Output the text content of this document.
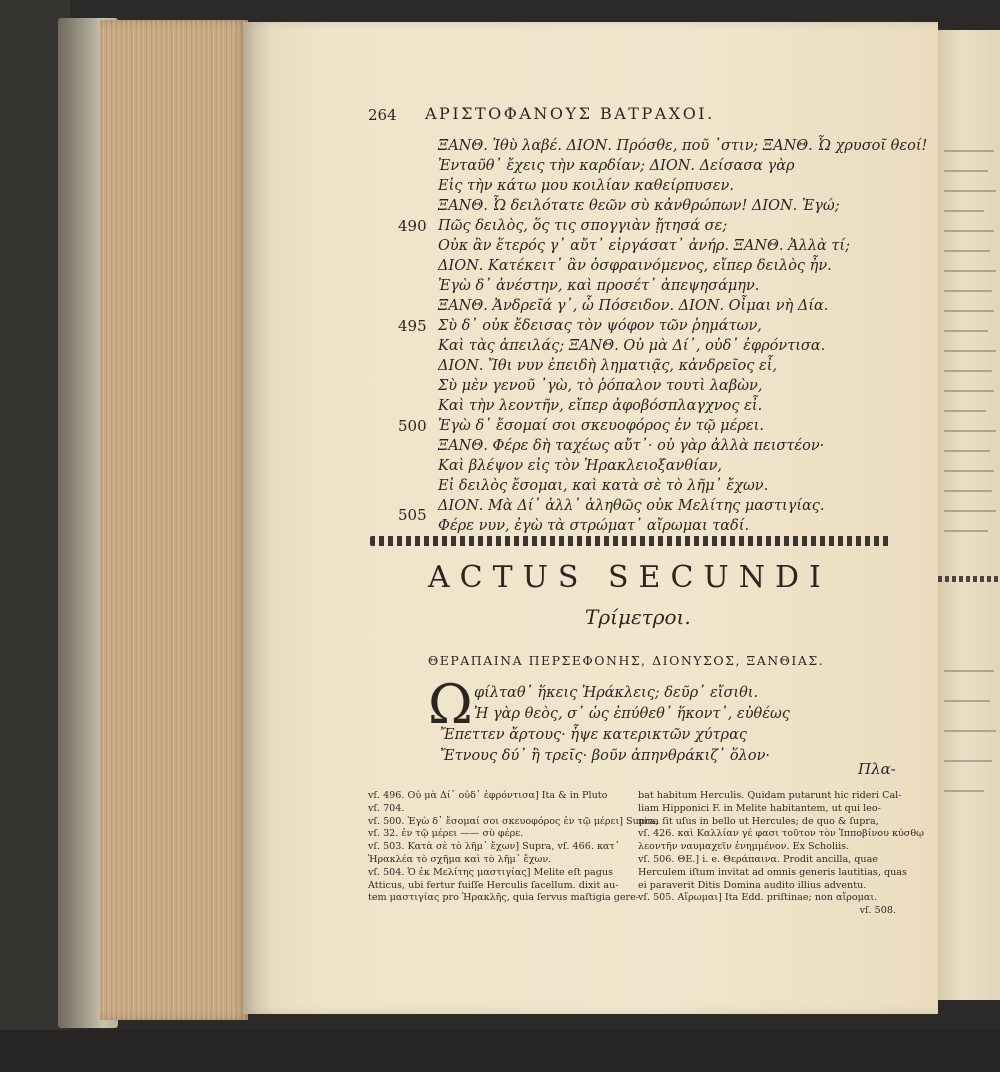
264 ΑΡΙΣΤΟΦΑΝΟΥΣ ΒΑΤΡΑΧΟΙ.
490
495
500
505
ΞΑΝΘ. Ἰθὺ λαβέ. ΔΙΟΝ. Πρόσθε, ποῦ ᾽στιν; ΞΑΝΘ. Ὦ χρυσοῖ θεοί!
Ἐνταῦθ᾽ ἔχεις τὴν καρδίαν; ΔΙΟΝ. Δείσασα γὰρ
Εἰς τὴν κάτω μου κοιλίαν καθείρπυσεν.
ΞΑΝΘ. Ὦ δειλότατε θεῶν σὺ κἀνθρώπων! ΔΙΟΝ. Ἐγώ;
Πῶς δειλὸς, ὅς τις σπογγιὰν ᾔτησά σε;
Οὐκ ἂν ἕτερός γ᾽ αὔτ᾽ εἰργάσατ᾽ ἀνήρ. ΞΑΝΘ. Ἀλλὰ τί;
ΔΙΟΝ. Κατέκειτ᾽ ἂν ὀσφραινόμενος, εἴπερ δειλὸς ἦν.
Ἐγὼ δ᾽ ἀνέστην, καὶ προσέτ᾽ ἀπεψησάμην.
ΞΑΝΘ. Ἀνδρεῖά γ᾽, ὦ Πόσειδον. ΔΙΟΝ. Οἶμαι νὴ Δία.
Σὺ δ᾽ οὐκ ἔδεισας τὸν ψόφον τῶν ῥημάτων,
Καὶ τὰς ἀπειλάς; ΞΑΝΘ. Οὐ μὰ Δί᾽, οὐδ᾽ ἐφρόντισα.
ΔΙΟΝ. Ἴθι νυν ἐπειδὴ ληματιᾷς, κἀνδρεῖος εἶ,
Σὺ μὲν γενοῦ ᾽γὼ, τὸ ῥόπαλον τουτὶ λαβὼν,
Καὶ τὴν λεοντῆν, εἴπερ ἀφοβόσπλαγχνος εἶ.
Ἐγὼ δ᾽ ἔσομαί σοι σκευοφόρος ἐν τῷ μέρει.
ΞΑΝΘ. Φέρε δὴ ταχέως αὔτ᾽· οὐ γὰρ ἀλλὰ πειστέον·
Καὶ βλέψον εἰς τὸν Ἡρακλειοξανθίαν,
Εἰ δειλὸς ἔσομαι, καὶ κατὰ σὲ τὸ λῆμ᾽ ἔχων.
ΔΙΟΝ. Μὰ Δί᾽ ἀλλ᾽ ἀληθῶς οὐκ Μελίτης μαστιγίας.
Φέρε νυν, ἐγὼ τὰ στρώματ᾽ αἴρωμαι ταδί.
ACTUS SECUNDI
Τρίμετροι.
ΘΕΡΑΠΑΙΝΑ ΠΕΡΣΕΦΟΝΗΣ, ΔΙΟΝΥΣΟΣ, ΞΑΝΘΙΑΣ.
Ω φίλταθ᾽ ἥκεις Ἡράκλεις; δεῦρ᾽ εἴσιθι.
Ἡ γὰρ θεὸς, σ᾽ ὡς ἐπύθεθ᾽ ἥκοντ᾽, εὐθέως
Ἔπεττεν ἄρτους· ἧψε κατερικτῶν χύτρας
Ἔτνους δύ᾽ ἢ τρεῖς· βοῦν ἀπηνθράκιζ᾽ ὅλον·
Πλα-
vſ. 496. Οὐ μὰ Δί᾽ οὐδ᾽ ἐφρόντισα] Ita & in Pluto
vſ. 704.
vſ. 500. Ἐγὼ δ᾽ ἔσομαί σοι σκευοφόρος ἐν τῷ μέρει] Supra,
vſ. 32. ἐν τῷ μέρει —— σὺ φέρε.
vſ. 503. Κατὰ σὲ τὸ λῆμ᾽ ἔχων] Supra, vſ. 466. κατ᾽
Ἡρακλέα τὸ σχῆμα καὶ τὸ λῆμ᾽ ἔχων.
vſ. 504. Ὁ ἐκ Μελίτης μαστιγίας] Melite eſt pagus
Atticus, ubi fertur fuiſſe Herculis ſacellum. dixit au-
tem μαστιγίας pro Ἡρακλῆς, quia ſervus maſtigia gere-
bat habitum Herculis. Quidam putarunt hic rideri Cal-
liam Hipponici F. in Melite habitantem, ut qui leo-
nina ſit uſus in bello ut Hercules; de quo & ſupra,
vſ. 426. καὶ Καλλίαν γέ φασι τοῦτον τὸν Ἱπποβίνου κύσθῳ
λεοντῆν ναυμαχεῖν ἐνημμένον. Ex Scholiis.
vſ. 506. ΘΕ.] i. e. Θεράπαινα. Prodit ancilla, quae
Herculem iſtum invitat ad omnis generis lautitias, quas
ei paraverit Ditis Domina audito illius adventu.
vſ. 505. Αἴρωμαι] Ita Edd. priſtinae; non αἴρομαι.
vſ. 508.
